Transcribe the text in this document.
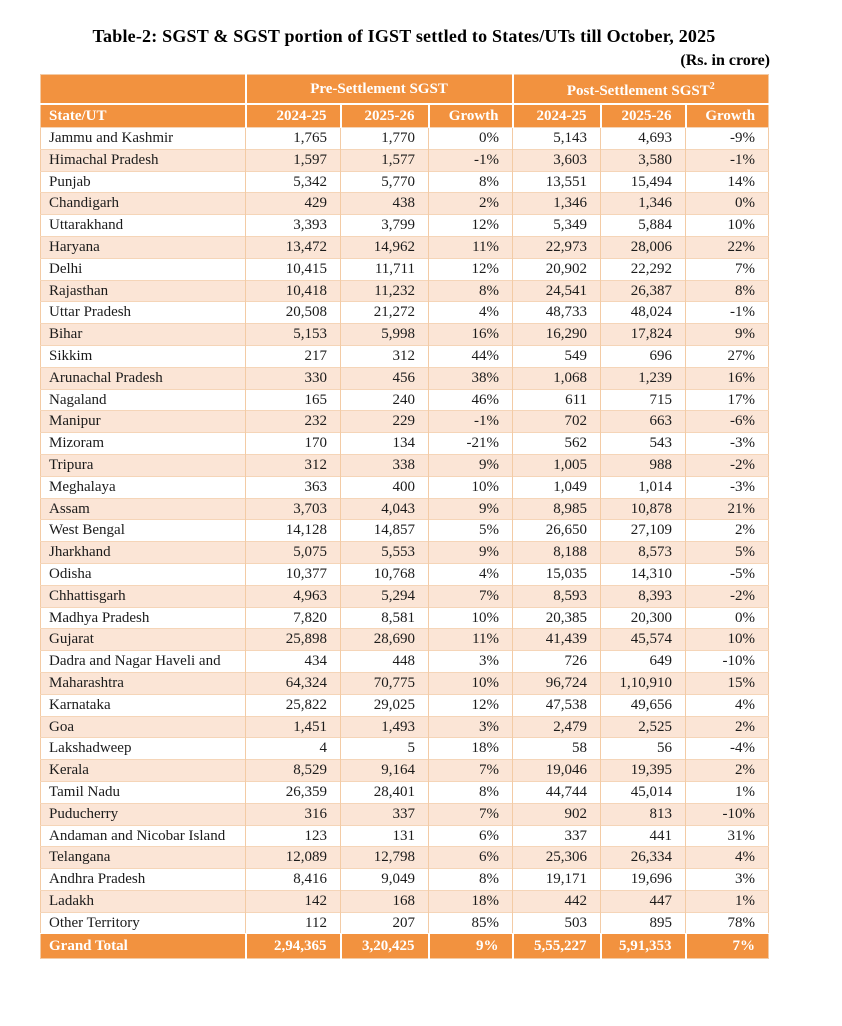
Table-2: SGST & SGST portion of IGST settled to States/UTs till October, 2025
(Rs. in crore)
	Pre-Settlement SGST			Post-Settlement SGST$^2$
State/UT	2024-25	2025-26	Growth	2024-25	2025-26	Growth
Jammu and Kashmir	1,765	1,770	0%	5,143	4,693	-9%
Himachal Pradesh	1,597	1,577	-1%	3,603	3,580	-1%
Punjab	5,342	5,770	8%	13,551	15,494	14%
Chandigarh	429	438	2%	1,346	1,346	0%
Uttarakhand	3,393	3,799	12%	5,349	5,884	10%
Haryana	13,472	14,962	11%	22,973	28,006	22%
Delhi	10,415	11,711	12%	20,902	22,292	7%
Rajasthan	10,418	11,232	8%	24,541	26,387	8%
Uttar Pradesh	20,508	21,272	4%	48,733	48,024	-1%
Bihar	5,153	5,998	16%	16,290	17,824	9%
Sikkim	217	312	44%	549	696	27%
Arunachal Pradesh	330	456	38%	1,068	1,239	16%
Nagaland	165	240	46%	611	715	17%
Manipur	232	229	-1%	702	663	-6%
Mizoram	170	134	-21%	562	543	-3%
Tripura	312	338	9%	1,005	988	-2%
Meghalaya	363	400	10%	1,049	1,014	-3%
Assam	3,703	4,043	9%	8,985	10,878	21%
West Bengal	14,128	14,857	5%	26,650	27,109	2%
Jharkhand	5,075	5,553	9%	8,188	8,573	5%
Odisha	10,377	10,768	4%	15,035	14,310	-5%
Chhattisgarh	4,963	5,294	7%	8,593	8,393	-2%
Madhya Pradesh	7,820	8,581	10%	20,385	20,300	0%
Gujarat	25,898	28,690	11%	41,439	45,574	10%
Dadra and Nagar Haveli and	434	448	3%	726	649	-10%
Maharashtra	64,324	70,775	10%	96,724	1,10,910	15%
Karnataka	25,822	29,025	12%	47,538	49,656	4%
Goa	1,451	1,493	3%	2,479	2,525	2%
Lakshadweep	4	5	18%	58	56	-4%
Kerala	8,529	9,164	7%	19,046	19,395	2%
Tamil Nadu	26,359	28,401	8%	44,744	45,014	1%
Puducherry	316	337	7%	902	813	-10%
Andaman and Nicobar Island	123	131	6%	337	441	31%
Telangana	12,089	12,798	6%	25,306	26,334	4%
Andhra Pradesh	8,416	9,049	8%	19,171	19,696	3%
Ladakh	142	168	18%	442	447	1%
Other Territory	112	207	85%	503	895	78%
Grand Total	2,94,365	3,20,425	9%	5,55,227	5,91,353	7%
